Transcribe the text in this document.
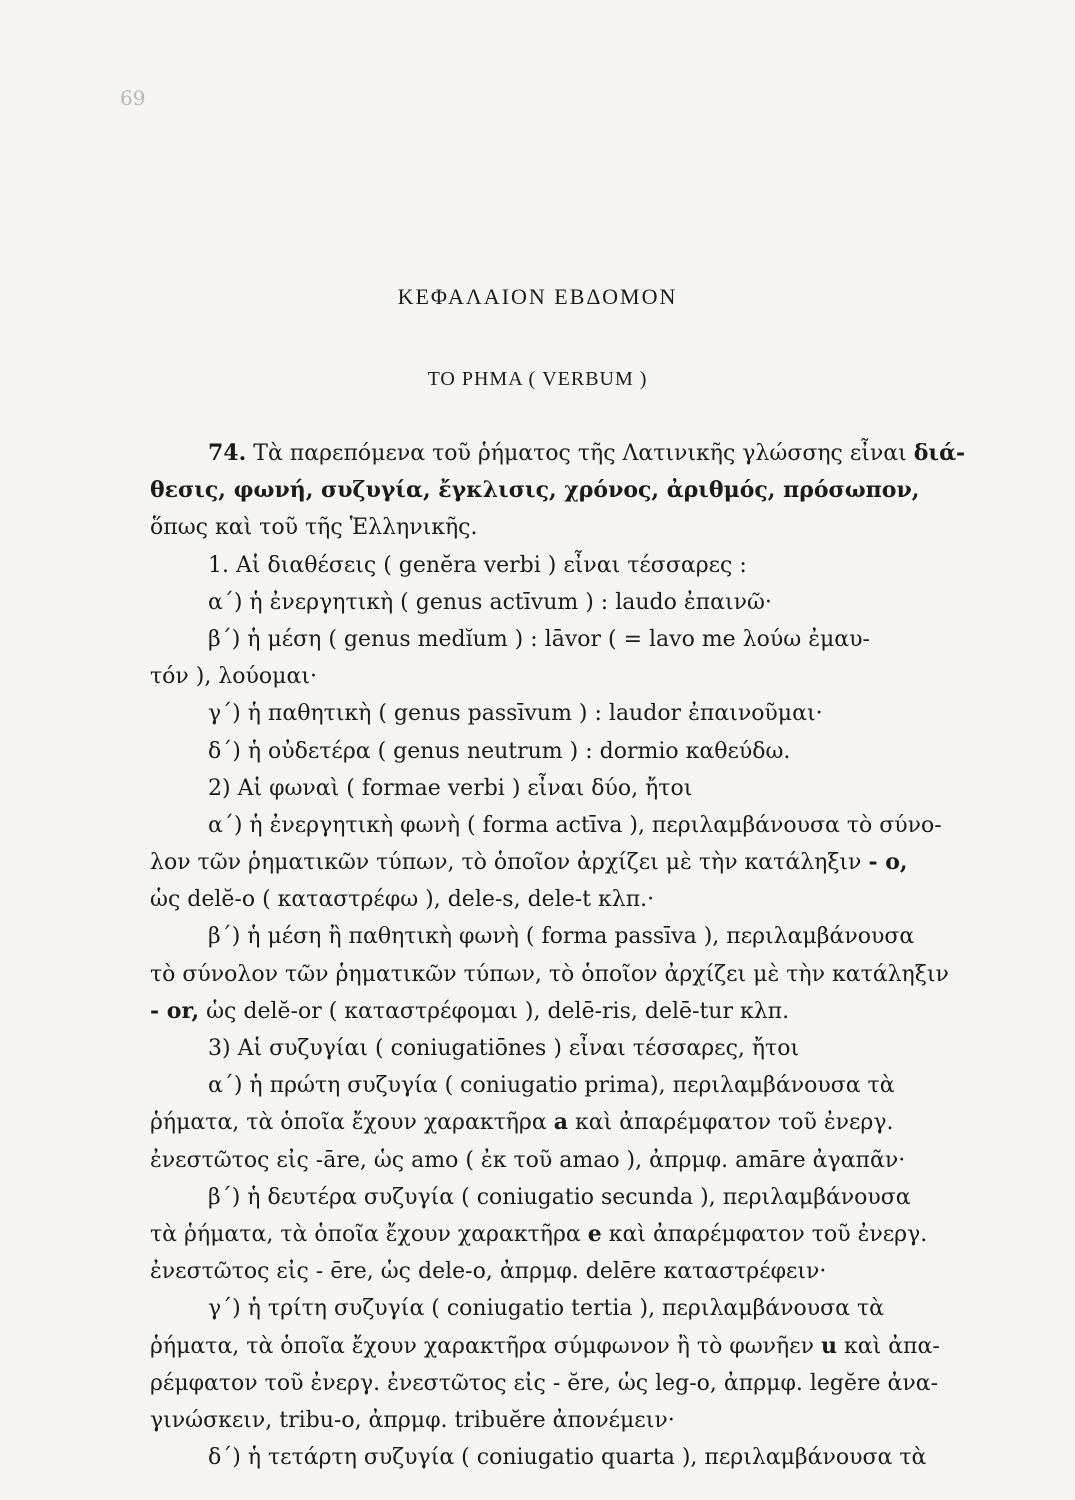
69
ΚΕΦΑΛΑΙΟΝ ΕΒΔΟΜΟΝ
ΤΟ ΡΗΜΑ ( VERBUM )
74. Τὰ παρεπόμενα τοῦ ῥήματος τῆς Λατινικῆς γλώσσης εἶναι διά-
θεσις, φωνή, συζυγία, ἔγκλισις, χρόνος, ἀριθμός, πρόσωπον,
ὅπως καὶ τοῦ τῆς Ἑλληνικῆς.
1. Αἱ διαθέσεις ( genĕra verbi ) εἶναι τέσσαρες :
α΄) ἡ ἐνεργητικὴ ( genus actīvum ) : laudo ἐπαινῶ·
β΄) ἡ μέση ( genus medĭum ) : lāvor ( = lavo me λούω ἐμαυ-
τόν ), λούομαι·
γ΄) ἡ παθητικὴ ( genus passīvum ) : laudor ἐπαινοῦμαι·
δ΄) ἡ οὐδετέρα ( genus neutrum ) : dormio καθεύδω.
2) Αἱ φωναὶ ( formae verbi ) εἶναι δύο, ἤτοι
α΄) ἡ ἐνεργητικὴ φωνὴ ( forma actīva ), περιλαμβάνουσα τὸ σύνο-
λον τῶν ῥηματικῶν τύπων, τὸ ὁποῖον ἀρχίζει μὲ τὴν κατάληξιν - o,
ὡς delĕ-o ( καταστρέφω ), dele-s, dele-t κλπ.·
β΄) ἡ μέση ἢ παθητικὴ φωνὴ ( forma passīva ), περιλαμβάνουσα
τὸ σύνολον τῶν ῥηματικῶν τύπων, τὸ ὁποῖον ἀρχίζει μὲ τὴν κατάληξιν
- or, ὡς delĕ-or ( καταστρέφομαι ), delē-ris, delē-tur κλπ.
3) Αἱ συζυγίαι ( coniugatiōnes ) εἶναι τέσσαρες, ἤτοι
α΄) ἡ πρώτη συζυγία ( coniugatio prima), περιλαμβάνουσα τὰ
ῥήματα, τὰ ὁποῖα ἔχουν χαρακτῆρα a καὶ ἀπαρέμφατον τοῦ ἐνεργ.
ἐνεστῶτος εἰς -āre, ὡς amo ( ἐκ τοῦ amao ), ἀπρμφ. amāre ἀγαπᾶν·
β΄) ἡ δευτέρα συζυγία ( coniugatio secunda ), περιλαμβάνουσα
τὰ ῥήματα, τὰ ὁποῖα ἔχουν χαρακτῆρα e καὶ ἀπαρέμφατον τοῦ ἐνεργ.
ἐνεστῶτος εἰς - ēre, ὡς dele-o, ἀπρμφ. delēre καταστρέφειν·
γ΄) ἡ τρίτη συζυγία ( coniugatio tertia ), περιλαμβάνουσα τὰ
ῥήματα, τὰ ὁποῖα ἔχουν χαρακτῆρα σύμφωνον ἢ τὸ φωνῆεν u καὶ ἀπα-
ρέμφατον τοῦ ἐνεργ. ἐνεστῶτος εἰς - ĕre, ὡς leg-o, ἀπρμφ. legĕre ἀνα-
γινώσκειν, tribu-o, ἀπρμφ. tribuĕre ἀπονέμειν·
δ΄) ἡ τετάρτη συζυγία ( coniugatio quarta ), περιλαμβάνουσα τὰ
